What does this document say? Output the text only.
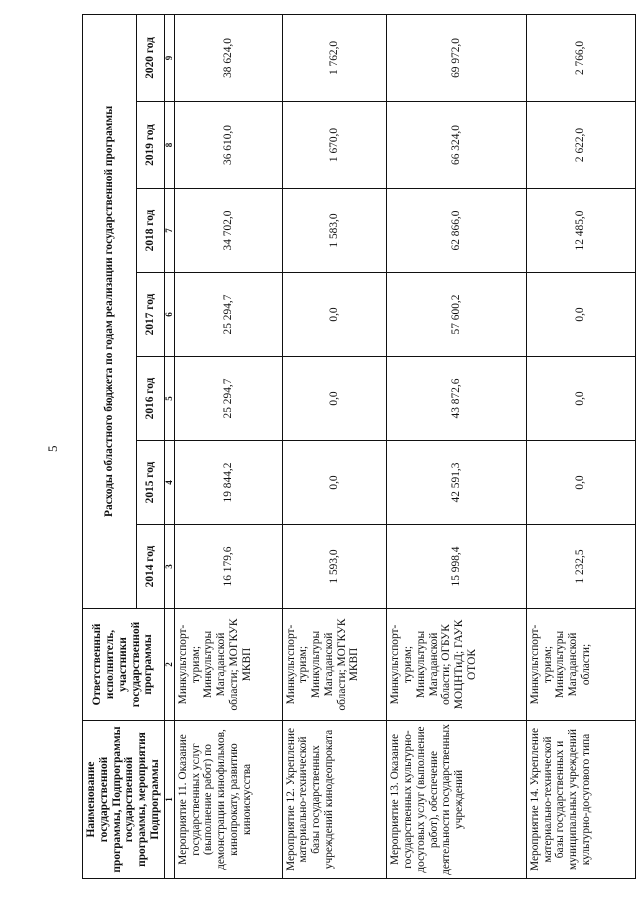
5
Наименование государственной программы, Подпрограммы государственной программы, мероприятия Подпрограммы	Ответственный исполнитель, участники государственной программы	Расходы областного бюджета по годам реализации государственной программы						
		2014 год	2015 год	2016 год	2017 год	2018 год	2019 год	2020 год
1	2	3	4	5	6	7	8	9
Мероприятие 11. Оказание государственных услуг (выполнение работ) по демонстрации кинофильмов, кинопрокату, развитию киноискусства	Минкультспорт-туризм; Минкультуры Магаданской области; МОГКУК МКВП	16 179,6	19 844,2	25 294,7	25 294,7	34 702,0	36 610,0	38 624,0
Мероприятие 12. Укрепление материально-технической базы государственных учреждений кинодеопроката	Минкультспорт-туризм; Минкультуры Магаданской области; МОГКУК МКВП	1 593,0	0,0	0,0	0,0	1 583,0	1 670,0	1 762,0
Мероприятие 13. Оказание государственных культурно-досуговых услуг (выполнение работ), обеспечение деятельности государственных учреждений	Минкультспорт-туризм; Минкультуры Магаданской области; ОГБУК МОЦНТиД; ГАУК ОТОК	15 998,4	42 591,3	43 872,6	57 600,2	62 866,0	66 324,0	69 972,0
Мероприятие 14. Укрепление материально-технической базы государственных и муниципальных учреждений культурно-досугового типа	Минкультспорт-туризм; Минкультуры Магаданской области;	1 232,5	0,0	0,0	0,0	12 485,0	2 622,0	2 766,0
